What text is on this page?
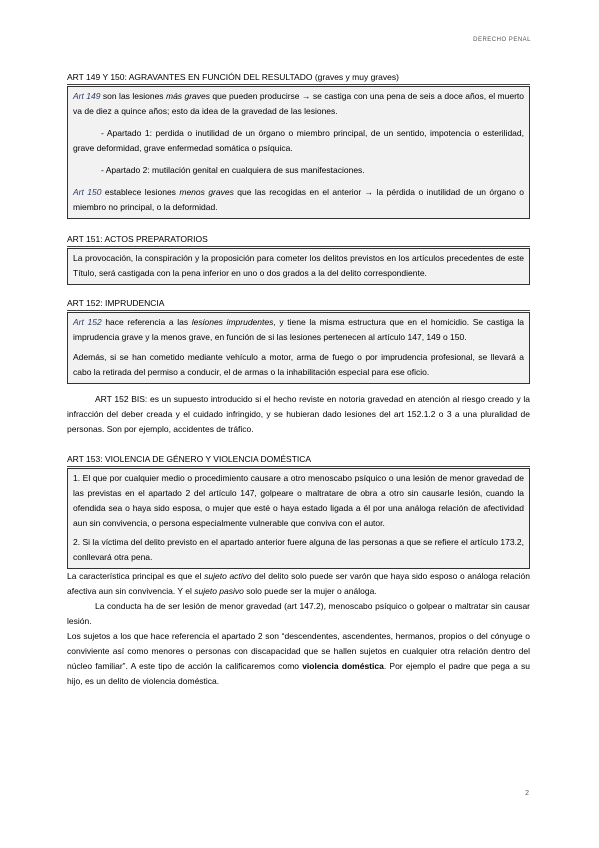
DERECHO PENAL
ART 149 Y 150: AGRAVANTES EN FUNCIÓN DEL RESULTADO (graves y muy graves)

Art 149 son las lesiones más graves que pueden producirse → se castiga con una pena de seis a doce años, el muerto va de diez a quince años; esto da idea de la gravedad de las lesiones.

- Apartado 1: perdida o inutilidad de un órgano o miembro principal, de un sentido, impotencia o esterilidad, grave deformidad, grave enfermedad somática o psíquica.

- Apartado 2: mutilación genital en cualquiera de sus manifestaciones.

Art 150 establece lesiones menos graves que las recogidas en el anterior → la pérdida o inutilidad de un órgano o miembro no principal, o la deformidad.

ART 151: ACTOS PREPARATORIOS

La provocación, la conspiración y la proposición para cometer los delitos previstos en los artículos precedentes de este Título, será castigada con la pena inferior en uno o dos grados a la del delito correspondiente.

ART 152: IMPRUDENCIA

Art 152 hace referencia a las lesiones imprudentes, y tiene la misma estructura que en el homicidio. Se castiga la imprudencia grave y la menos grave, en función de si las lesiones pertenecen al artículo 147, 149 o 150.

Además, si se han cometido mediante vehículo a motor, arma de fuego o por imprudencia profesional, se llevará a cabo la retirada del permiso a conducir, el de armas o la inhabilitación especial para ese oficio.

ART 152 BIS: es un supuesto introducido si el hecho reviste en notoria gravedad en atención al riesgo creado y la infracción del deber creada y el cuidado infringido, y se hubieran dado lesiones del art 152.1.2 o 3 a una pluralidad de personas. Son por ejemplo, accidentes de tráfico.

ART 153: VIOLENCIA DE GÉNERO Y VIOLENCIA DOMÉSTICA

1. El que por cualquier medio o procedimiento causare a otro menoscabo psíquico o una lesión de menor gravedad de las previstas en el apartado 2 del artículo 147, golpeare o maltratare de obra a otro sin causarle lesión, cuando la ofendida sea o haya sido esposa, o mujer que esté o haya estado ligada a él por una análoga relación de afectividad aun sin convivencia, o persona especialmente vulnerable que conviva con el autor.

2. Si la víctima del delito previsto en el apartado anterior fuere alguna de las personas a que se refiere el artículo 173.2, conllevará otra pena.

La característica principal es que el sujeto activo del delito solo puede ser varón que haya sido esposo o análoga relación afectiva aun sin convivencia. Y el sujeto pasivo solo puede ser la mujer o análoga.

La conducta ha de ser lesión de menor gravedad (art 147.2), menoscabo psíquico o golpear o maltratar sin causar lesión.

Los sujetos a los que hace referencia el apartado 2 son “descendentes, ascendentes, hermanos, propios o del cónyuge o conviviente así como menores o personas con discapacidad que se hallen sujetos en cualquier otra relación dentro del núcleo familiar”. A este tipo de acción la calificaremos como violencia doméstica. Por ejemplo el padre que pega a su hijo, es un delito de violencia doméstica.

2
